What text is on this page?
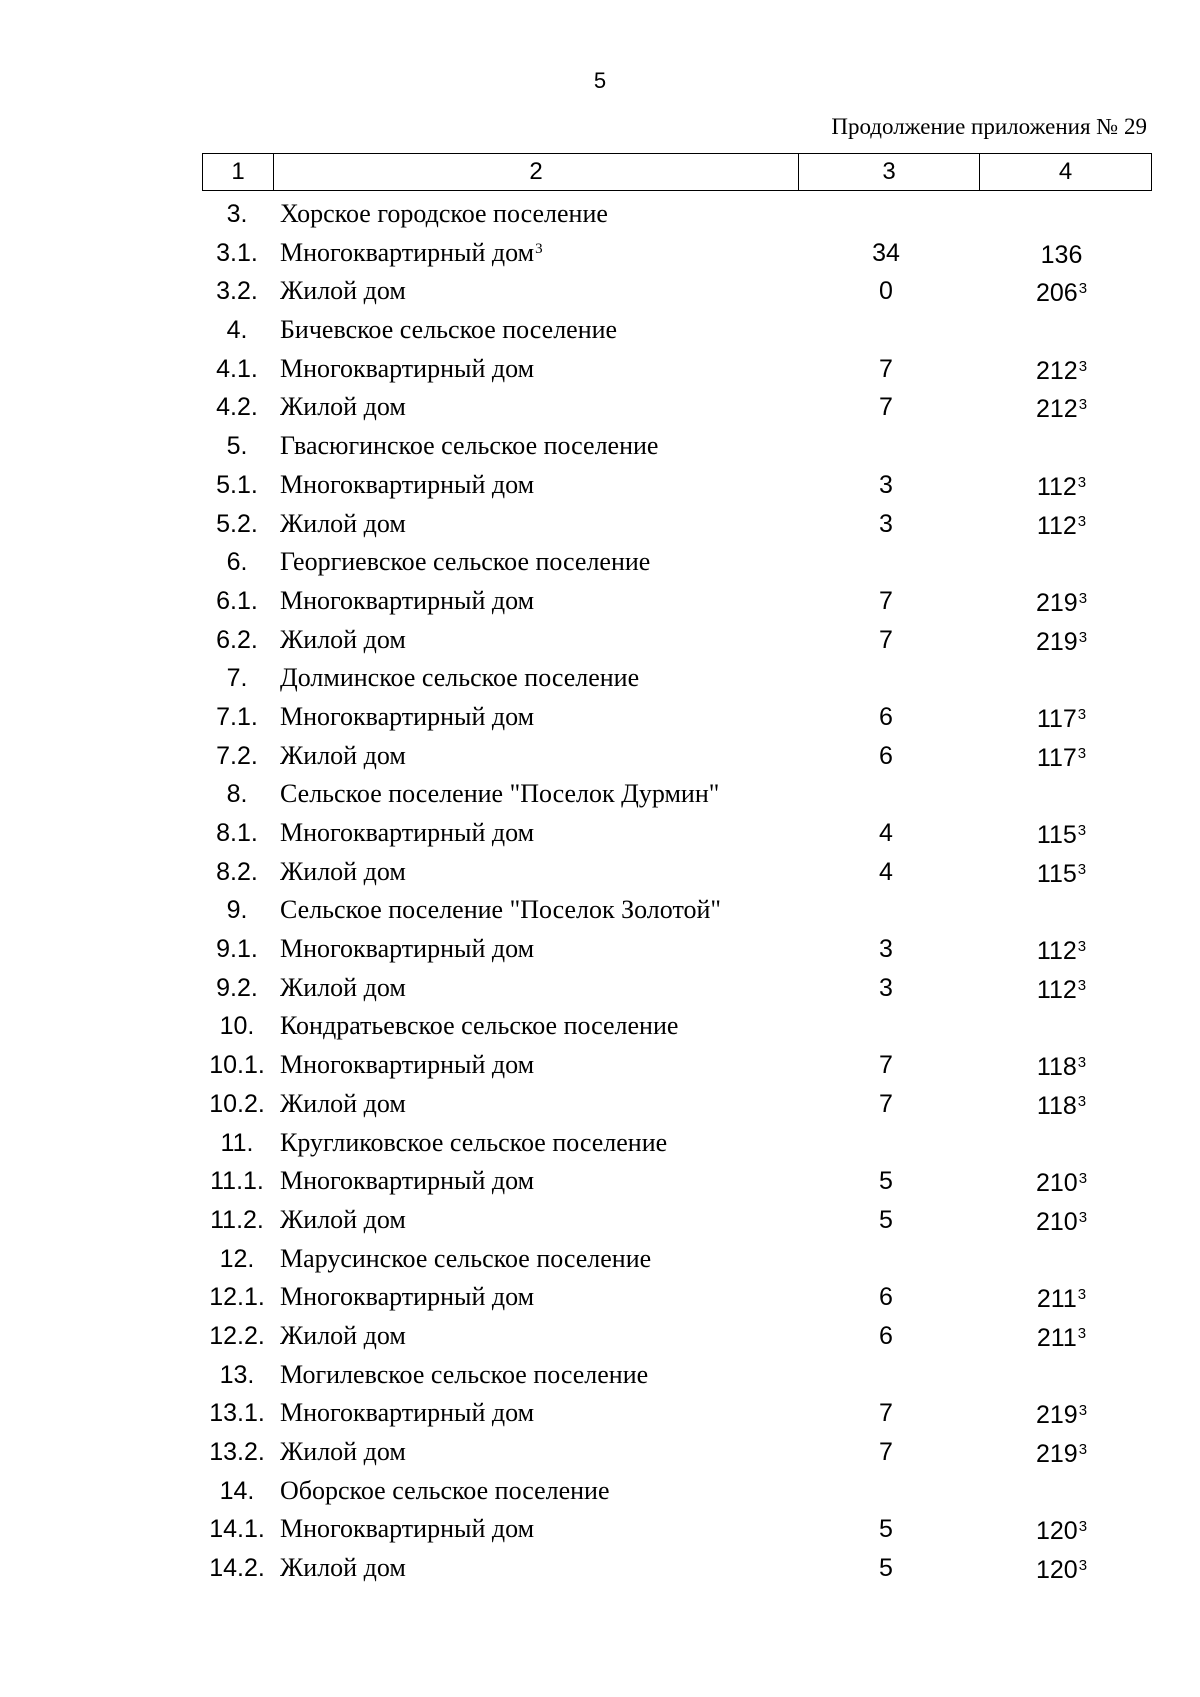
5
Продолжение приложения № 29
1	2	3	4
3.	Хорское городское поселение
3.1. Многоквартирный дом$^3$	34	136
3.2. Жилой дом	0	206$^3$
4.	Бичевское сельское поселение
4.1. Многоквартирный дом	7	212$^3$
4.2. Жилой дом	7	212$^3$
5.	Гвасюгинское сельское поселение
5.1. Многоквартирный дом	3	112$^3$
5.2. Жилой дом	3	112$^3$
6.	Георгиевское сельское поселение
6.1. Многоквартирный дом	7	219$^3$
6.2. Жилой дом	7	219$^3$
7.	Долминское сельское поселение
7.1. Многоквартирный дом	6	117$^3$
7.2. Жилой дом	6	117$^3$
8.	Сельское поселение "Поселок Дурмин"
8.1. Многоквартирный дом	4	115$^3$
8.2. Жилой дом	4	115$^3$
9.	Сельское поселение "Поселок Золотой"
9.1. Многоквартирный дом	3	112$^3$
9.2. Жилой дом	3	112$^3$
10. Кондратьевское сельское поселение
10.1. Многоквартирный дом	7	118$^3$
10.2. Жилой дом	7	118$^3$
11.	Кругликовское сельское поселение
11.1. Многоквартирный дом	5	210$^3$
11.2. Жилой дом	5	210$^3$
12. Марусинское сельское поселение
12.1. Многоквартирный дом	6	211$^3$
12.2. Жилой дом	6	211$^3$
13. Могилевское сельское поселение
13.1. Многоквартирный дом	7	219$^3$
13.2. Жилой дом	7	219$^3$
14. Оборское сельское поселение
14.1. Многоквартирный дом	5	120$^3$
14.2. Жилой дом	5	120$^3$
